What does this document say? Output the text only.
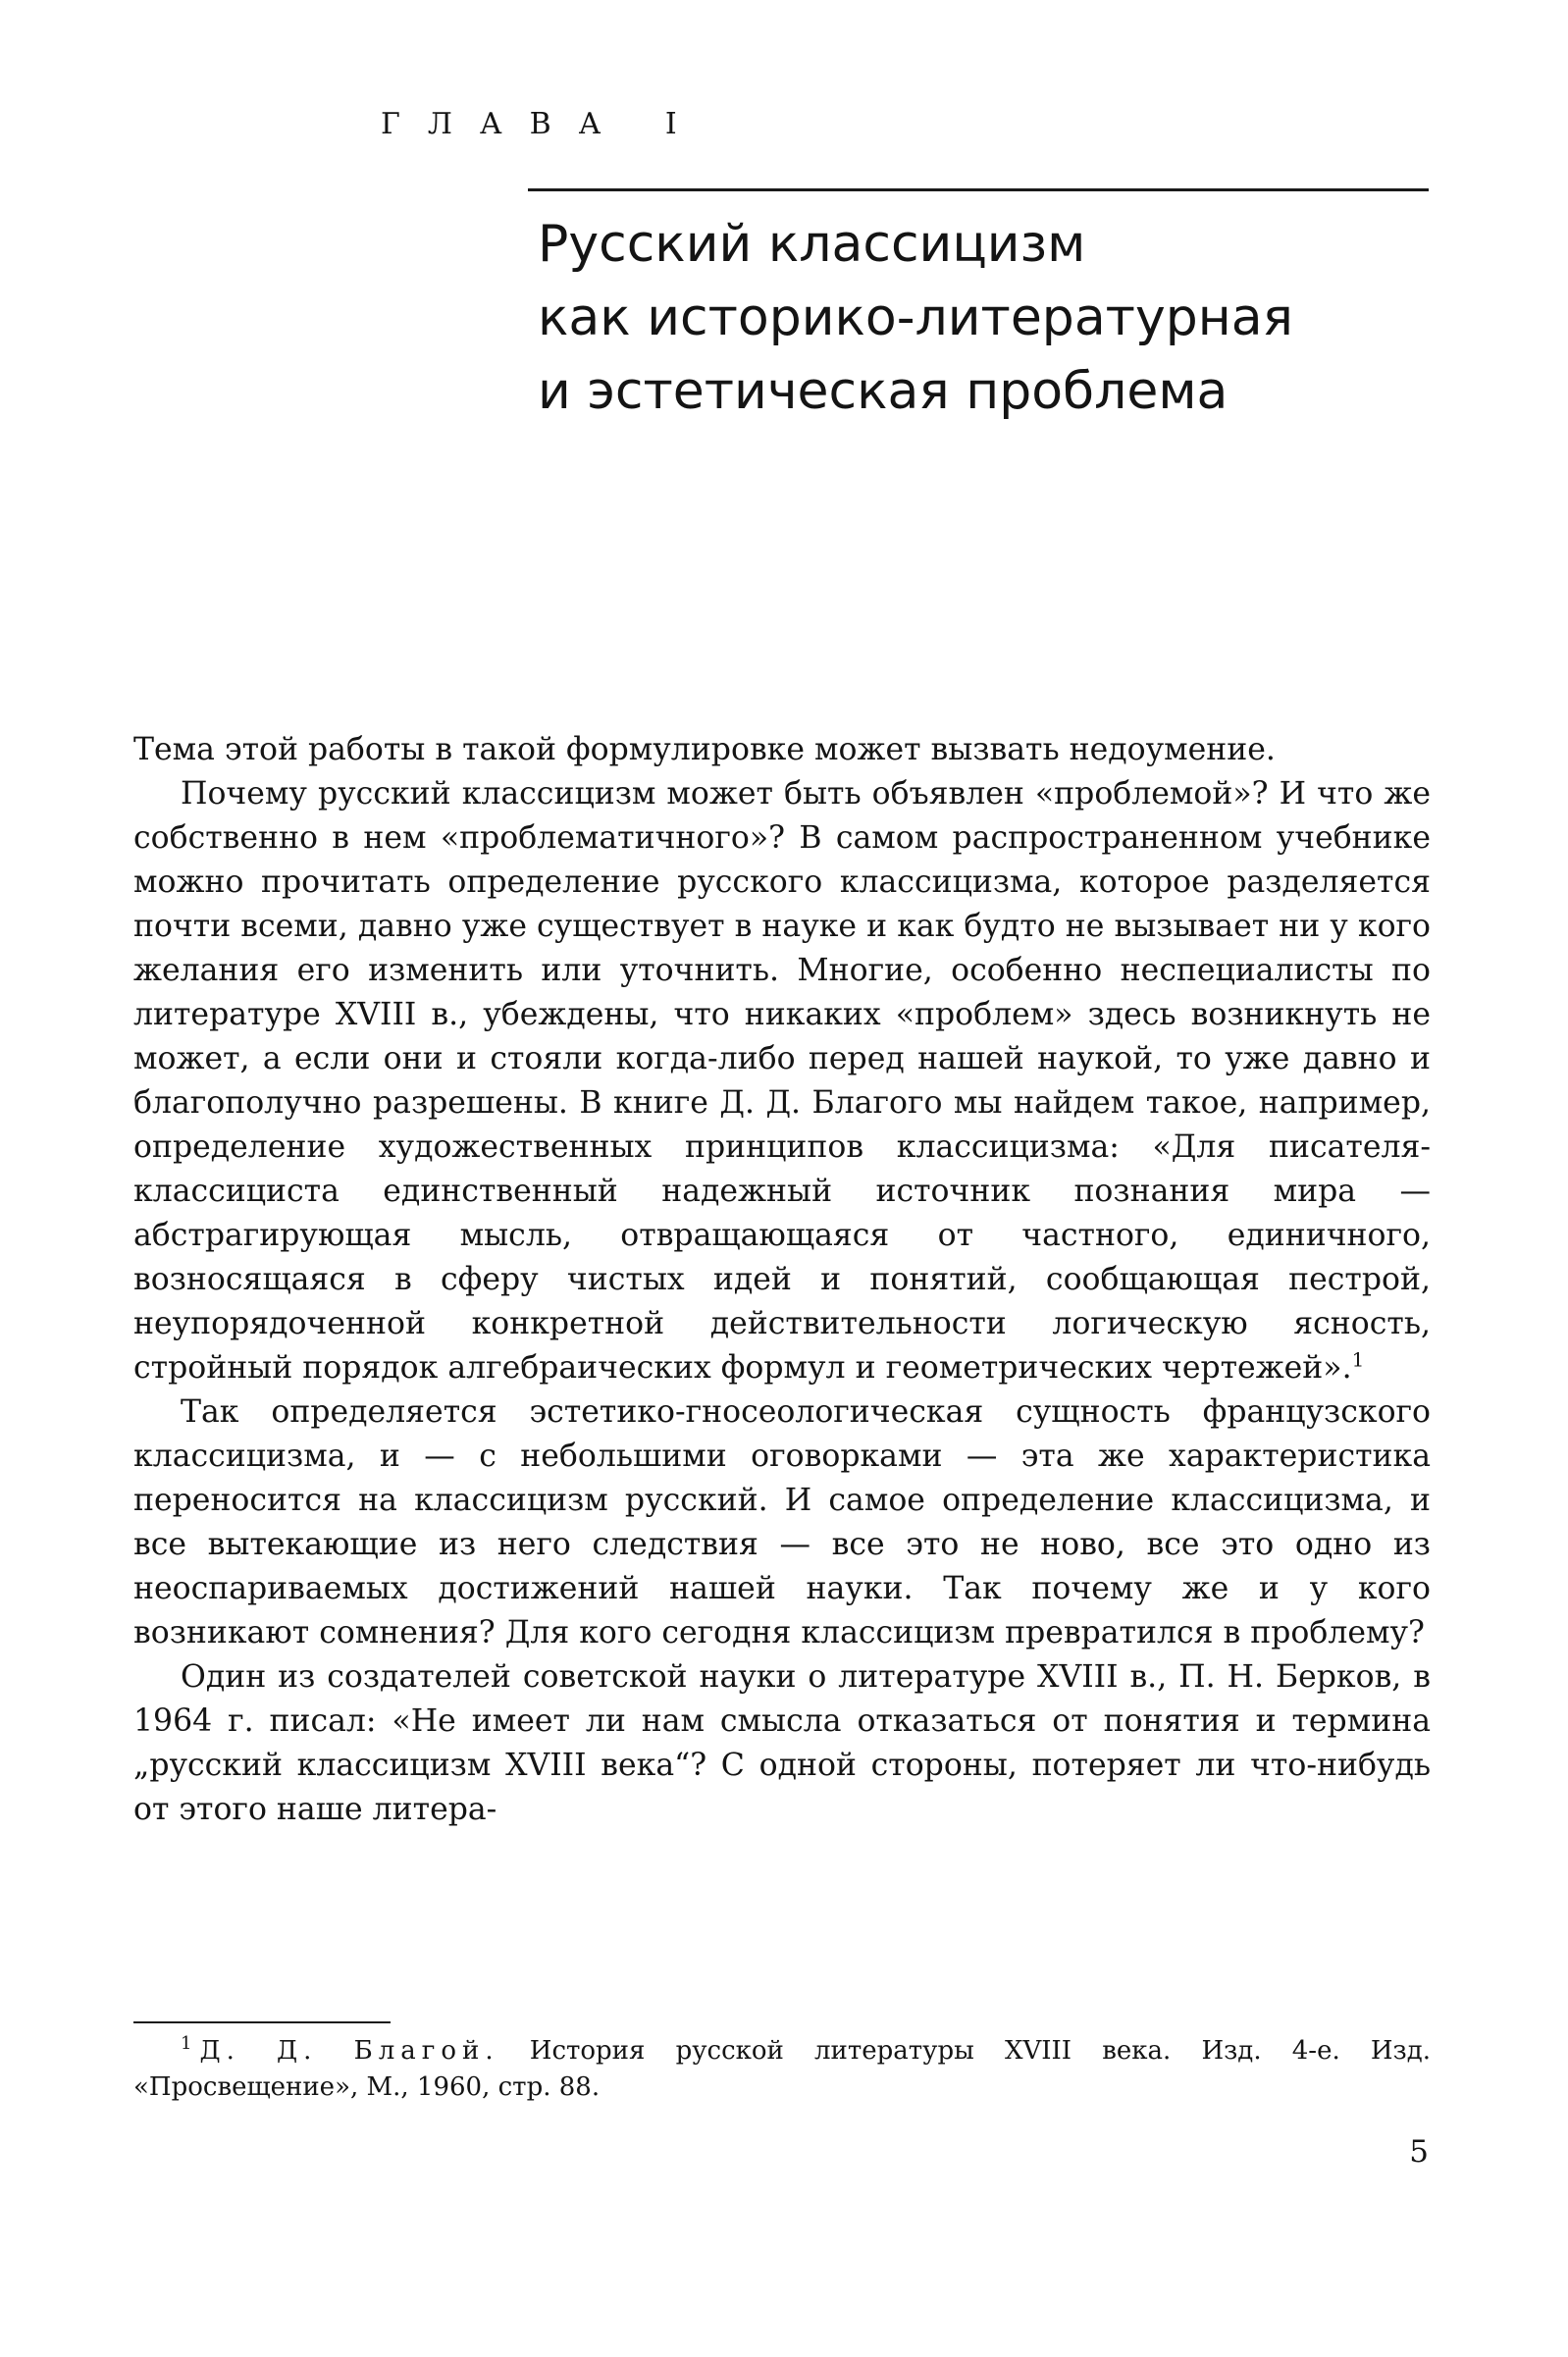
ГЛАВА I
Русский классицизм
как историко-литературная
и эстетическая проблема

Тема этой работы в такой формулировке может вызвать недоумение.

Почему русский классицизм может быть объявлен «проблемой»? И что же собственно в нем «проблематичного»? В самом распространенном учебнике можно прочитать определение русского классицизма, которое разделяется почти всеми, давно уже существует в науке и как будто не вызывает ни у кого желания его изменить или уточнить. Многие, особенно неспециалисты по литературе XVIII в., убеждены, что никаких «проблем» здесь возникнуть не может, а если они и стояли когда-либо перед нашей наукой, то уже давно и благополучно разрешены. В книге Д. Д. Благого мы найдем такое, например, определение художественных принципов классицизма: «Для писателя-классициста единственный надежный источник познания мира — абстрагирующая мысль, отвращающаяся от частного, единичного, возносящаяся в сферу чистых идей и понятий, сообщающая пестрой, неупорядоченной конкретной действительности логическую ясность, стройный порядок алгебраических формул и геометрических чертежей».$^1$

Так определяется эстетико-гносеологическая сущность французского классицизма, и — с небольшими оговорками — эта же характеристика переносится на классицизм русский. И самое определение классицизма, и все вытекающие из него следствия — все это не ново, все это одно из неоспариваемых достижений нашей науки. Так почему же и у кого возникают сомнения? Для кого сегодня классицизм превратился в проблему?

Один из создателей советской науки о литературе XVIII в., П. Н. Берков, в 1964 г. писал: «Не имеет ли нам смысла отказаться от понятия и термина „русский классицизм XVIII века“? С одной стороны, потеряет ли что-нибудь от этого наше литера-

$^1$ Д. Д. Благой. История русской литературы XVIII века. Изд. 4-е. Изд. «Просвещение», М., 1960, стр. 88.
5
